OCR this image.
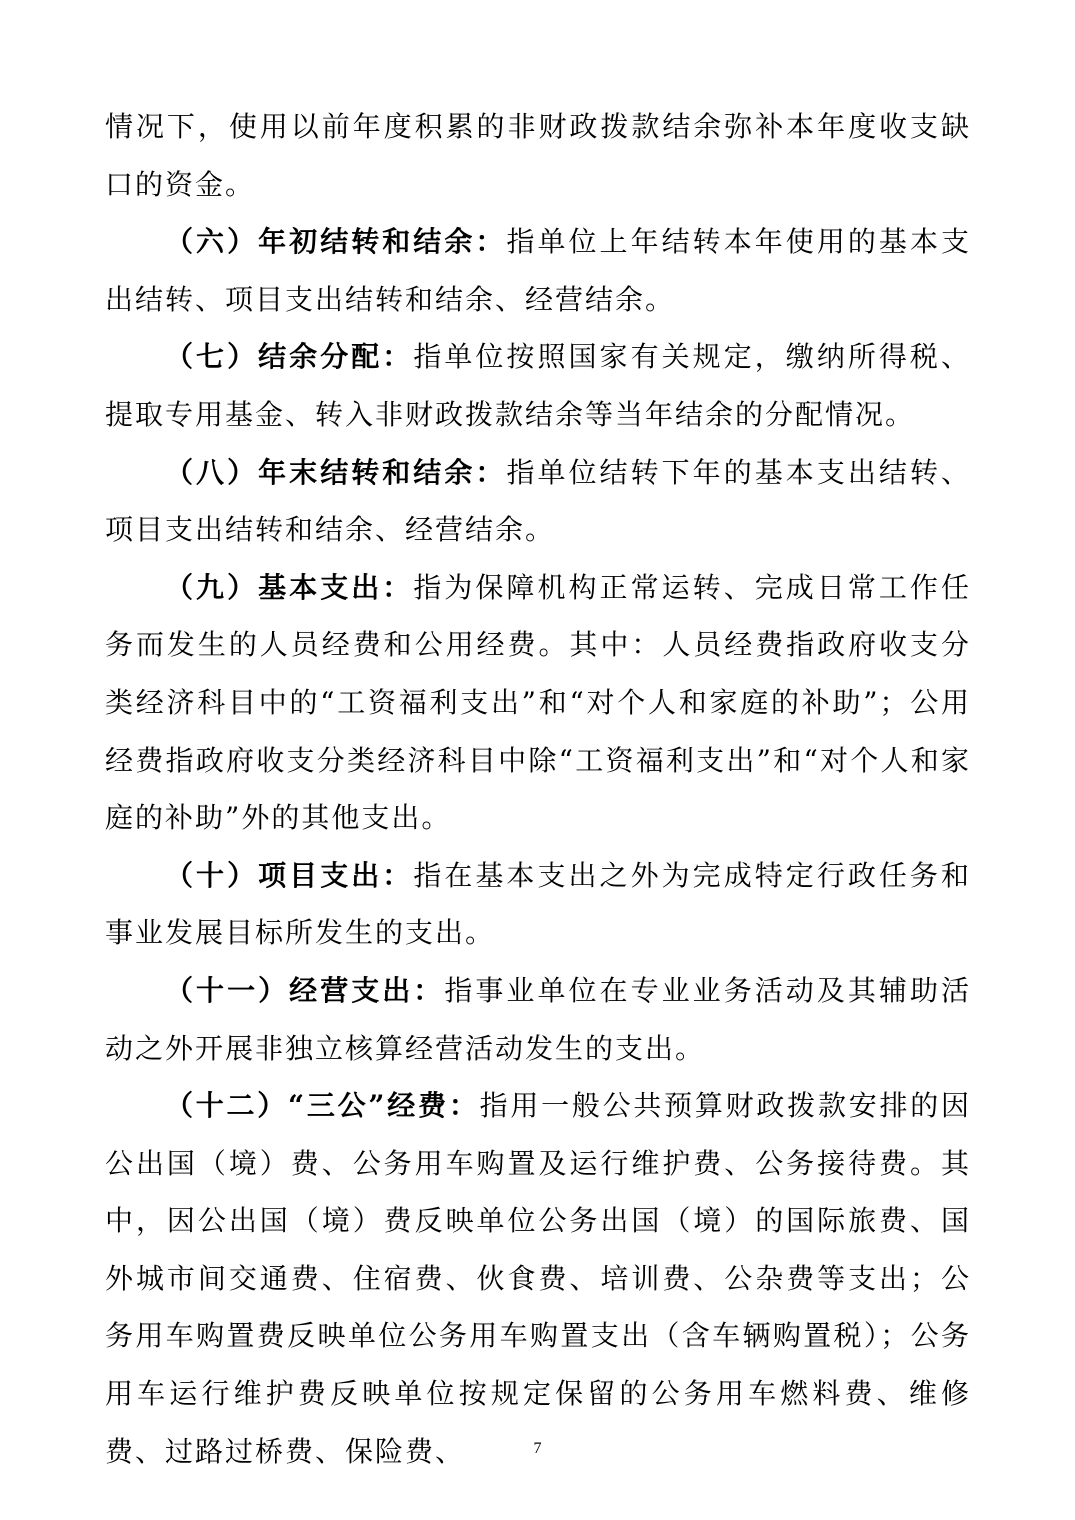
情况下，使用以前年度积累的非财政拨款结余弥补本年度收支缺口的资金。

（六）年初结转和结余：指单位上年结转本年使用的基本支出结转、项目支出结转和结余、经营结余。

（七）结余分配：指单位按照国家有关规定，缴纳所得税、提取专用基金、转入非财政拨款结余等当年结余的分配情况。

（八）年末结转和结余：指单位结转下年的基本支出结转、项目支出结转和结余、经营结余。

（九）基本支出：指为保障机构正常运转、完成日常工作任务而发生的人员经费和公用经费。其中：人员经费指政府收支分类经济科目中的“工资福利支出”和“对个人和家庭的补助”；公用经费指政府收支分类经济科目中除“工资福利支出”和“对个人和家庭的补助”外的其他支出。

（十）项目支出：指在基本支出之外为完成特定行政任务和事业发展目标所发生的支出。

（十一）经营支出：指事业单位在专业业务活动及其辅助活动之外开展非独立核算经营活动发生的支出。

（十二）“三公”经费：指用一般公共预算财政拨款安排的因公出国（境）费、公务用车购置及运行维护费、公务接待费。其中，因公出国（境）费反映单位公务出国（境）的国际旅费、国外城市间交通费、住宿费、伙食费、培训费、公杂费等支出；公务用车购置费反映单位公务用车购置支出（含车辆购置税）；公务用车运行维护费反映单位按规定保留的公务用车燃料费、维修费、过路过桥费、保险费、	7
